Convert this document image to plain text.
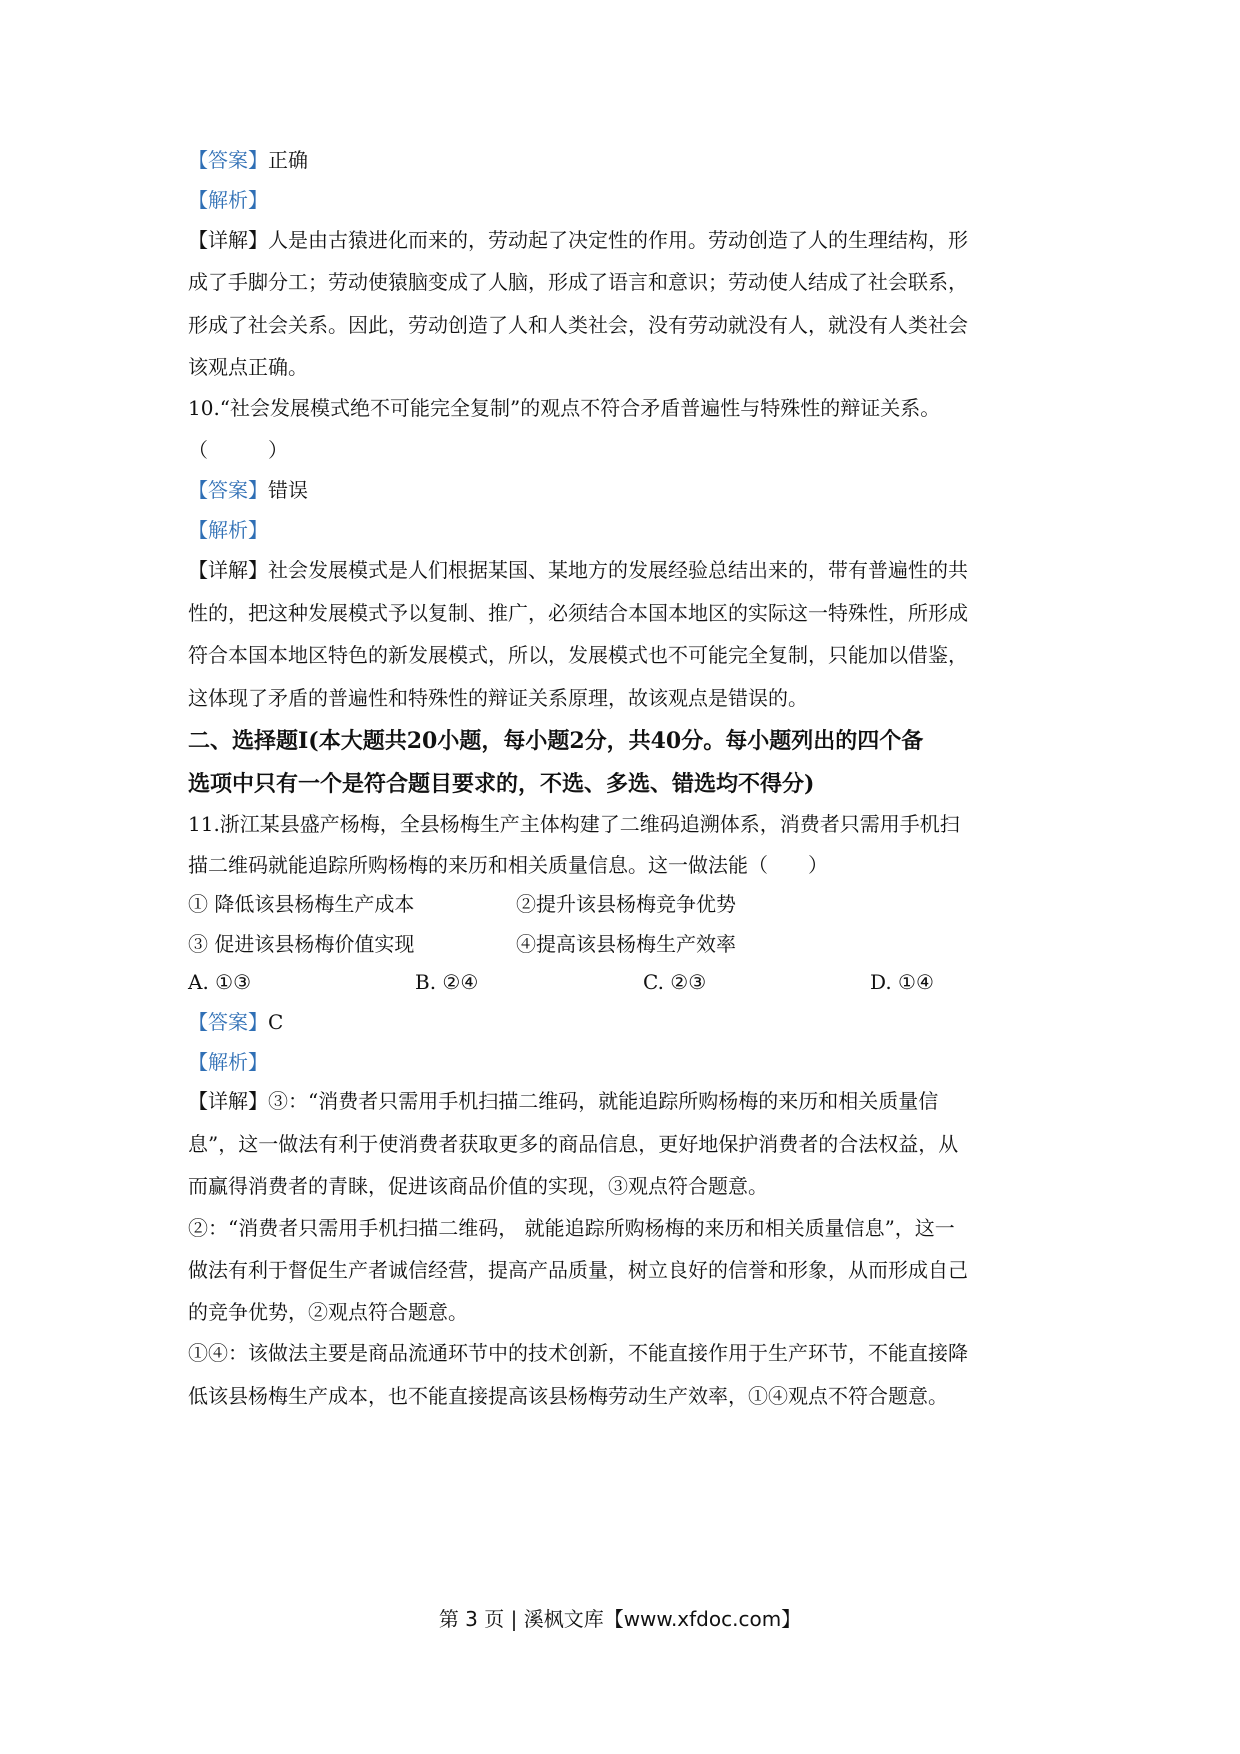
【答案】正确
【解析】
【详解】人是由古猿进化而来的，劳动起了决定性的作用。劳动创造了人的生理结构，形
成了手脚分工；劳动使猿脑变成了人脑，形成了语言和意识；劳动使人结成了社会联系，
形成了社会关系。因此，劳动创造了人和人类社会，没有劳动就没有人，就没有人类社会
该观点正确。
10.“社会发展模式绝不可能完全复制”的观点不符合矛盾普遍性与特殊性的辩证关系。
（　　　）
【答案】错误
【解析】
【详解】社会发展模式是人们根据某国、某地方的发展经验总结出来的，带有普遍性的共
性的，把这种发展模式予以复制、推广，必须结合本国本地区的实际这一特殊性，所形成
符合本国本地区特色的新发展模式，所以，发展模式也不可能完全复制，只能加以借鉴，
这体现了矛盾的普遍性和特殊性的辩证关系原理，故该观点是错误的。
二、选择题Ⅰ(本大题共20小题，每小题2分，共40分。每小题列出的四个备
选项中只有一个是符合题目要求的，不选、多选、错选均不得分)
11.浙江某县盛产杨梅，全县杨梅生产主体构建了二维码追溯体系，消费者只需用手机扫
描二维码就能追踪所购杨梅的来历和相关质量信息。这一做法能（　　）
① 降低该县杨梅生产成本	②提升该县杨梅竞争优势
③ 促进该县杨梅价值实现	④提高该县杨梅生产效率
A. ①③	B. ②④	C. ②③	D. ①④
【答案】C
【解析】
【详解】③：“消费者只需用手机扫描二维码，就能追踪所购杨梅的来历和相关质量信
息”，这一做法有利于使消费者获取更多的商品信息，更好地保护消费者的合法权益，从
而赢得消费者的青睐，促进该商品价值的实现，③观点符合题意。
②：“消费者只需用手机扫描二维码， 就能追踪所购杨梅的来历和相关质量信息”，这一
做法有利于督促生产者诚信经营，提高产品质量，树立良好的信誉和形象，从而形成自己
的竞争优势，②观点符合题意。
①④：该做法主要是商品流通环节中的技术创新，不能直接作用于生产环节，不能直接降
低该县杨梅生产成本，也不能直接提高该县杨梅劳动生产效率，①④观点不符合题意。
第 3 页 | 溪枫文库【www.xfdoc.com】
